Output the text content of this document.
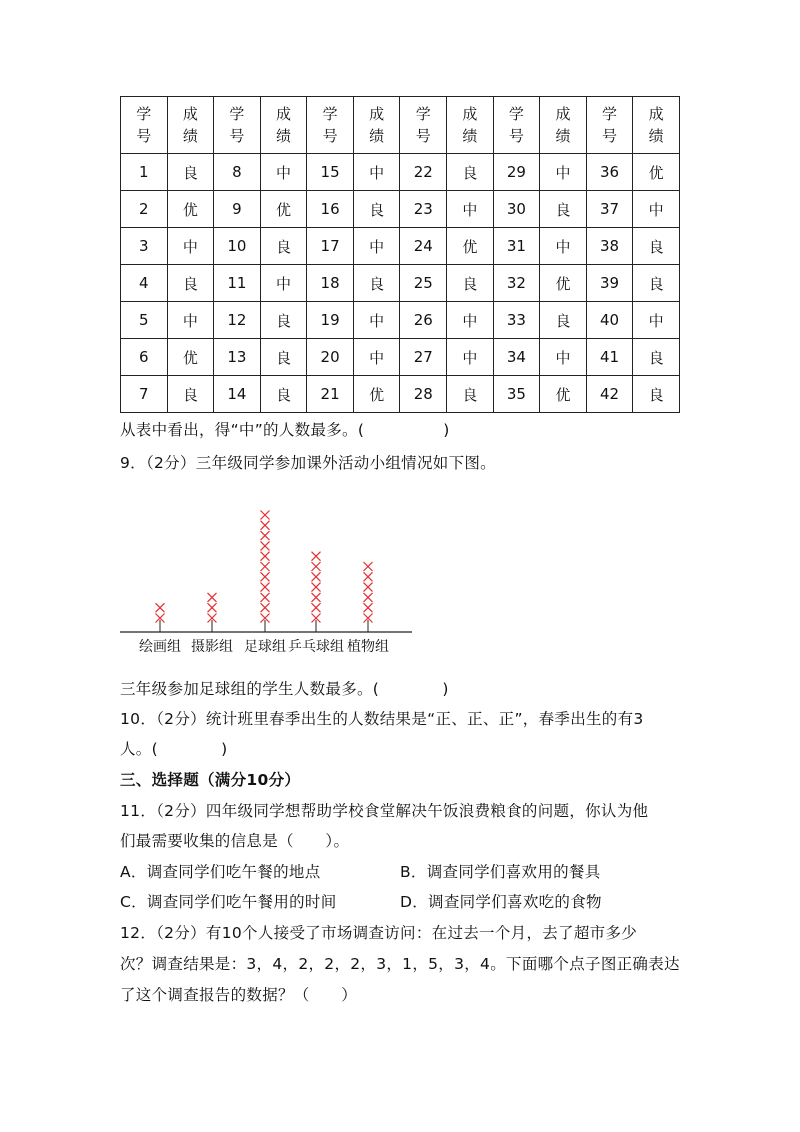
学号	成绩	学号	成绩	学号	成绩	学号	成绩	学号	成绩	学号	成绩
1	良	8	中	15	中	22	良	29	中	36	优
2	优	9	优	16	良	23	中	30	良	37	中
3	中	10	良	17	中	24	优	31	中	38	良
4	良	11	中	18	良	25	良	32	优	39	良
5	中	12	良	19	中	26	中	33	良	40	中
6	优	13	良	20	中	27	中	34	中	41	良
7	良	14	良	21	优	28	良	35	优	42	良
从表中看出，得“中”的人数最多。(　　　　　)
9．（2分）三年级同学参加课外活动小组情况如下图。
绘画组 摄影组 足球组 乒乓球组 植物组
三年级参加足球组的学生人数最多。(　　　　)
10．（2分）统计班里春季出生的人数结果是“正、正、正”，春季出生的有3
人。(　　　　)
三、选择题（满分10分）
11．（2分）四年级同学想帮助学校食堂解决午饭浪费粮食的问题，你认为他
们最需要收集的信息是（　　）。
A．调查同学们吃午餐的地点	B．调查同学们喜欢用的餐具
C．调查同学们吃午餐用的时间	D．调查同学们喜欢吃的食物
12．（2分）有10个人接受了市场调查访问：在过去一个月，去了超市多少
次？调查结果是：3，4，2，2，2，3，1，5，3，4。下面哪个点子图正确表达
了这个调查报告的数据？（　　）
